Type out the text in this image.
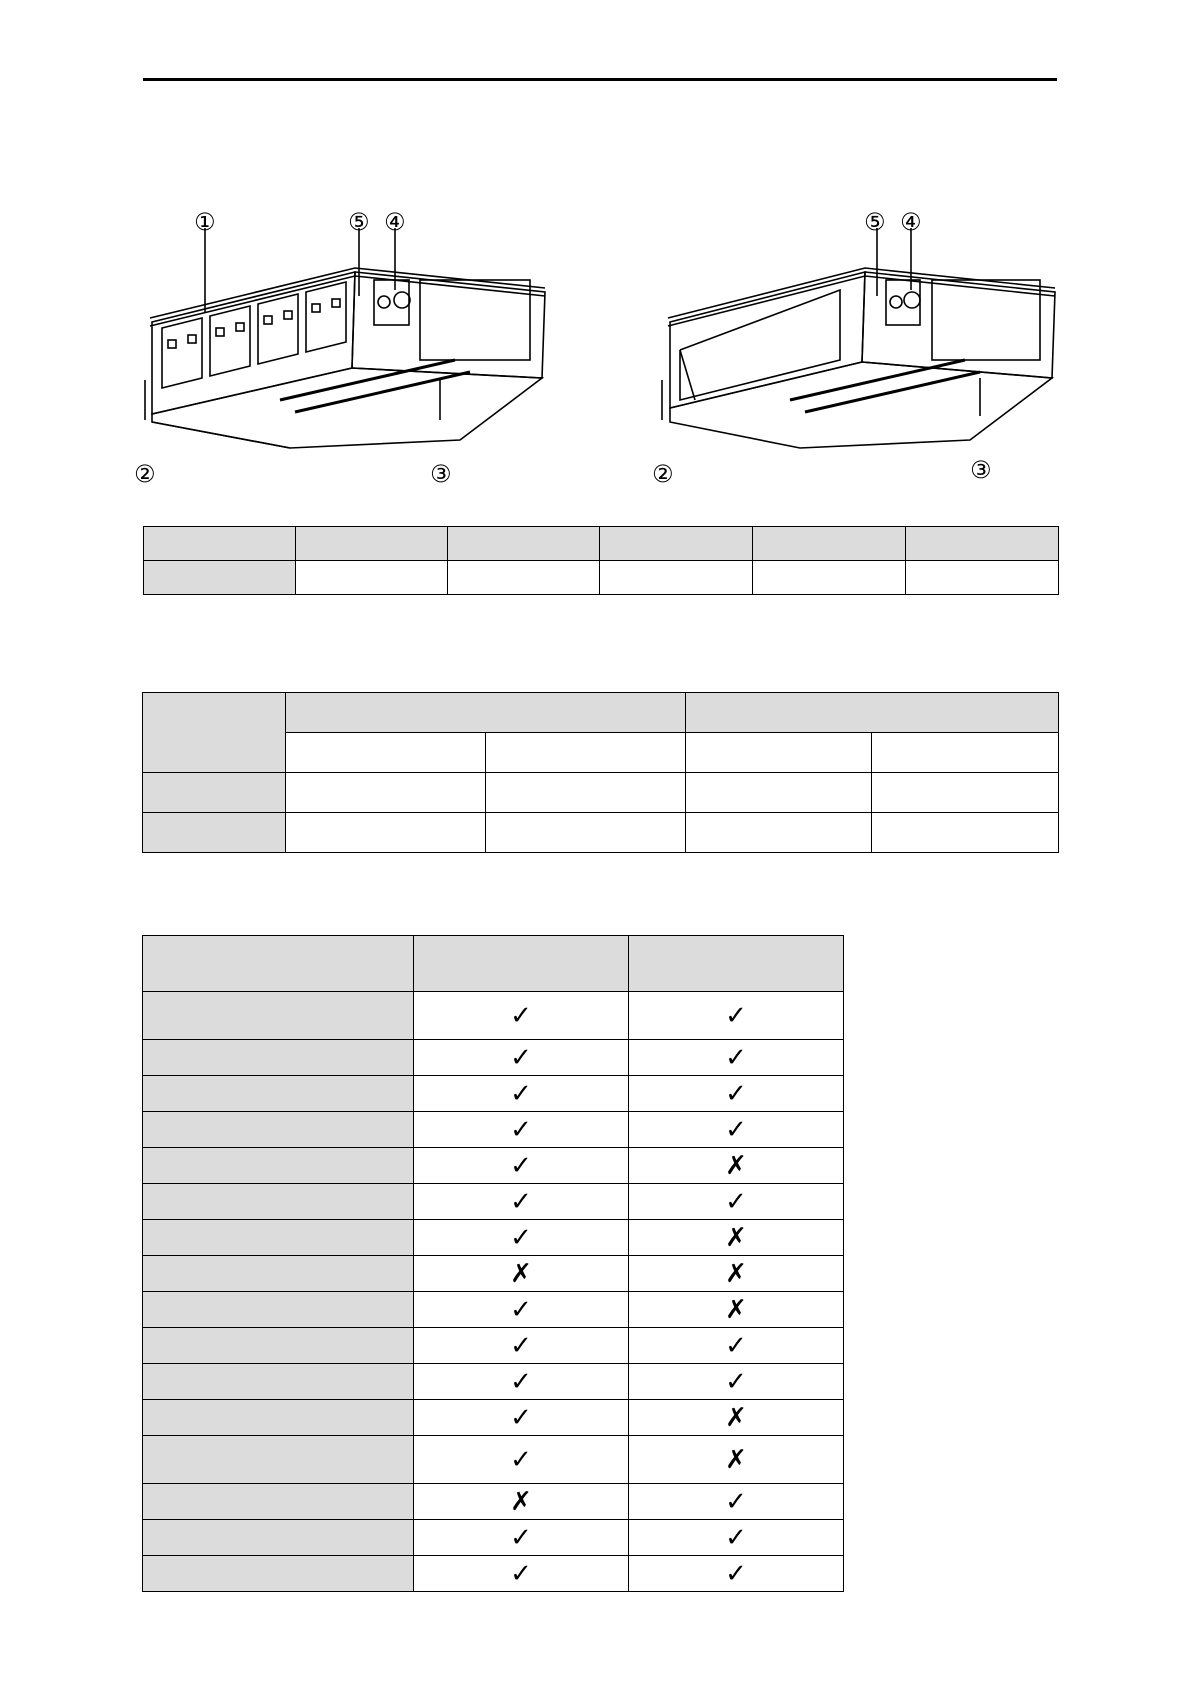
①	⑤ ④
②	③
⑤ ④
②	③

	✓	✓
	✓	✓
	✓	✓
	✓	✓
	✓	✗
	✓	✓
	✓	✗
	✗	✗
	✓	✗
	✓	✓
	✓	✓
	✓	✗
	✓	✗
	✗	✓
	✓	✓
	✓	✓
